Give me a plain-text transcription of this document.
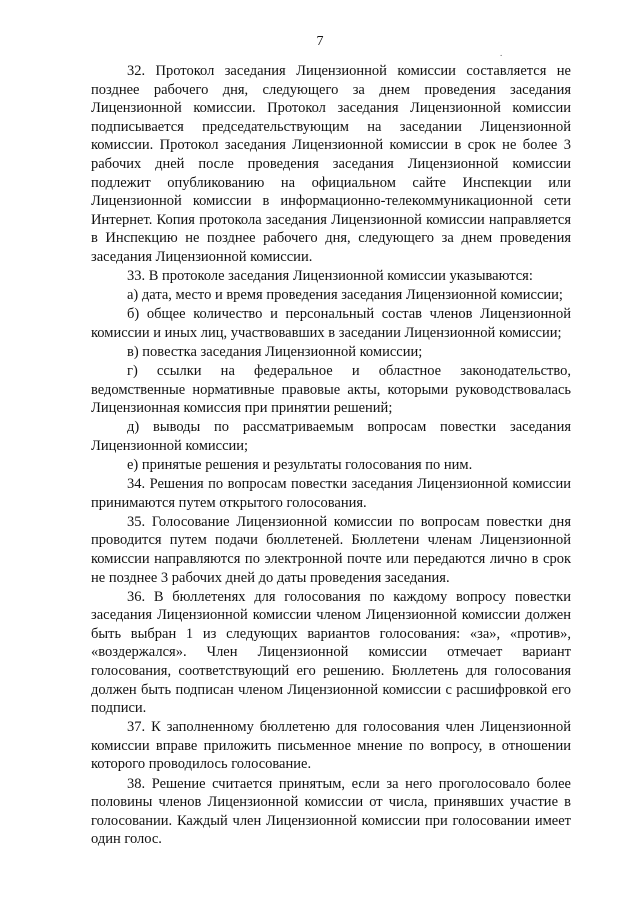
7
.

32. Протокол заседания Лицензионной комиссии составляется не позднее рабочего дня, следующего за днем проведения заседания Лицензионной комиссии. Протокол заседания Лицензионной комиссии подписывается председательствующим на заседании Лицензионной комиссии. Протокол заседания Лицензионной комиссии в срок не более 3 рабочих дней после проведения заседания Лицензионной комиссии подлежит опубликованию на официальном сайте Инспекции или Лицензионной комиссии в информационно-телекоммуникационной сети Интернет. Копия протокола заседания Лицензионной комиссии направляется в Инспекцию не позднее рабочего дня, следующего за днем проведения заседания Лицензионной комиссии.

33. В протоколе заседания Лицензионной комиссии указываются:

а) дата, место и время проведения заседания Лицензионной комиссии;

б) общее количество и персональный состав членов Лицензионной комиссии и иных лиц, участвовавших в заседании Лицензионной комиссии;

в) повестка заседания Лицензионной комиссии;

г) ссылки на федеральное и областное законодательство, ведомственные нормативные правовые акты, которыми руководствовалась Лицензионная комиссия при принятии решений;

д) выводы по рассматриваемым вопросам повестки заседания Лицензионной комиссии;

е) принятые решения и результаты голосования по ним.

34. Решения по вопросам повестки заседания Лицензионной комиссии принимаются путем открытого голосования.

35. Голосование Лицензионной комиссии по вопросам повестки дня проводится путем подачи бюллетеней. Бюллетени членам Лицензионной комиссии направляются по электронной почте или передаются лично в срок не позднее 3 рабочих дней до даты проведения заседания.

36. В бюллетенях для голосования по каждому вопросу повестки заседания Лицензионной комиссии членом Лицензионной комиссии должен быть выбран 1 из следующих вариантов голосования: «за», «против», «воздержался». Член Лицензионной комиссии отмечает вариант голосования, соответствующий его решению. Бюллетень для голосования должен быть подписан членом Лицензионной комиссии с расшифровкой его подписи.

37. К заполненному бюллетеню для голосования член Лицензионной комиссии вправе приложить письменное мнение по вопросу, в отношении которого проводилось голосование.

38. Решение считается принятым, если за него проголосовало более половины членов Лицензионной комиссии от числа, принявших участие в голосовании. Каждый член Лицензионной комиссии при голосовании имеет один голос.
